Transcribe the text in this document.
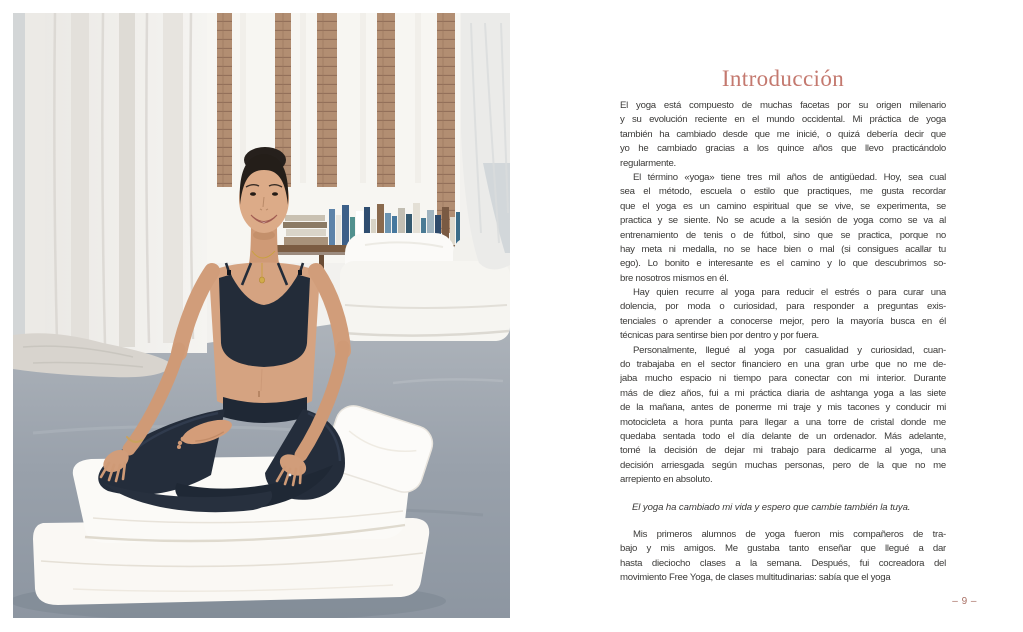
Introducción
El yoga está compuesto de muchas facetas por su origen milenario
y su evolución reciente en el mundo occidental. Mi práctica de yoga
también ha cambiado desde que me inicié, o quizá debería decir que
yo he cambiado gracias a los quince años que llevo practicándolo
regularmente.
El término «yoga» tiene tres mil años de antigüedad. Hoy, sea cual
sea el método, escuela o estilo que practiques, me gusta recordar
que el yoga es un camino espiritual que se vive, se experimenta, se
practica y se siente. No se acude a la sesión de yoga como se va al
entrenamiento de tenis o de fútbol, sino que se practica, porque no
hay meta ni medalla, no se hace bien o mal (si consigues acallar tu
ego). Lo bonito e interesante es el camino y lo que descubrimos so-
bre nosotros mismos en él.
Hay quien recurre al yoga para reducir el estrés o para curar una
dolencia, por moda o curiosidad, para responder a preguntas exis-
tenciales o aprender a conocerse mejor, pero la mayoría busca en él
técnicas para sentirse bien por dentro y por fuera.
Personalmente, llegué al yoga por casualidad y curiosidad, cuan-
do trabajaba en el sector financiero en una gran urbe que no me de-
jaba mucho espacio ni tiempo para conectar con mi interior. Durante
más de diez años, fui a mi práctica diaria de ashtanga yoga a las siete
de la mañana, antes de ponerme mi traje y mis tacones y conducir mi
motocicleta a hora punta para llegar a una torre de cristal donde me
quedaba sentada todo el día delante de un ordenador. Más adelante,
tomé la decisión de dejar mi trabajo para dedicarme al yoga, una
decisión arriesgada según muchas personas, pero de la que no me
arrepiento en absoluto.
El yoga ha cambiado mi vida y espero que cambie también la tuya.
Mis primeros alumnos de yoga fueron mis compañeros de tra-
bajo y mis amigos. Me gustaba tanto enseñar que llegué a dar
hasta dieciocho clases a la semana. Después, fui cocreadora del
movimiento Free Yoga, de clases multitudinarias: sabía que el yoga
– 9 –
